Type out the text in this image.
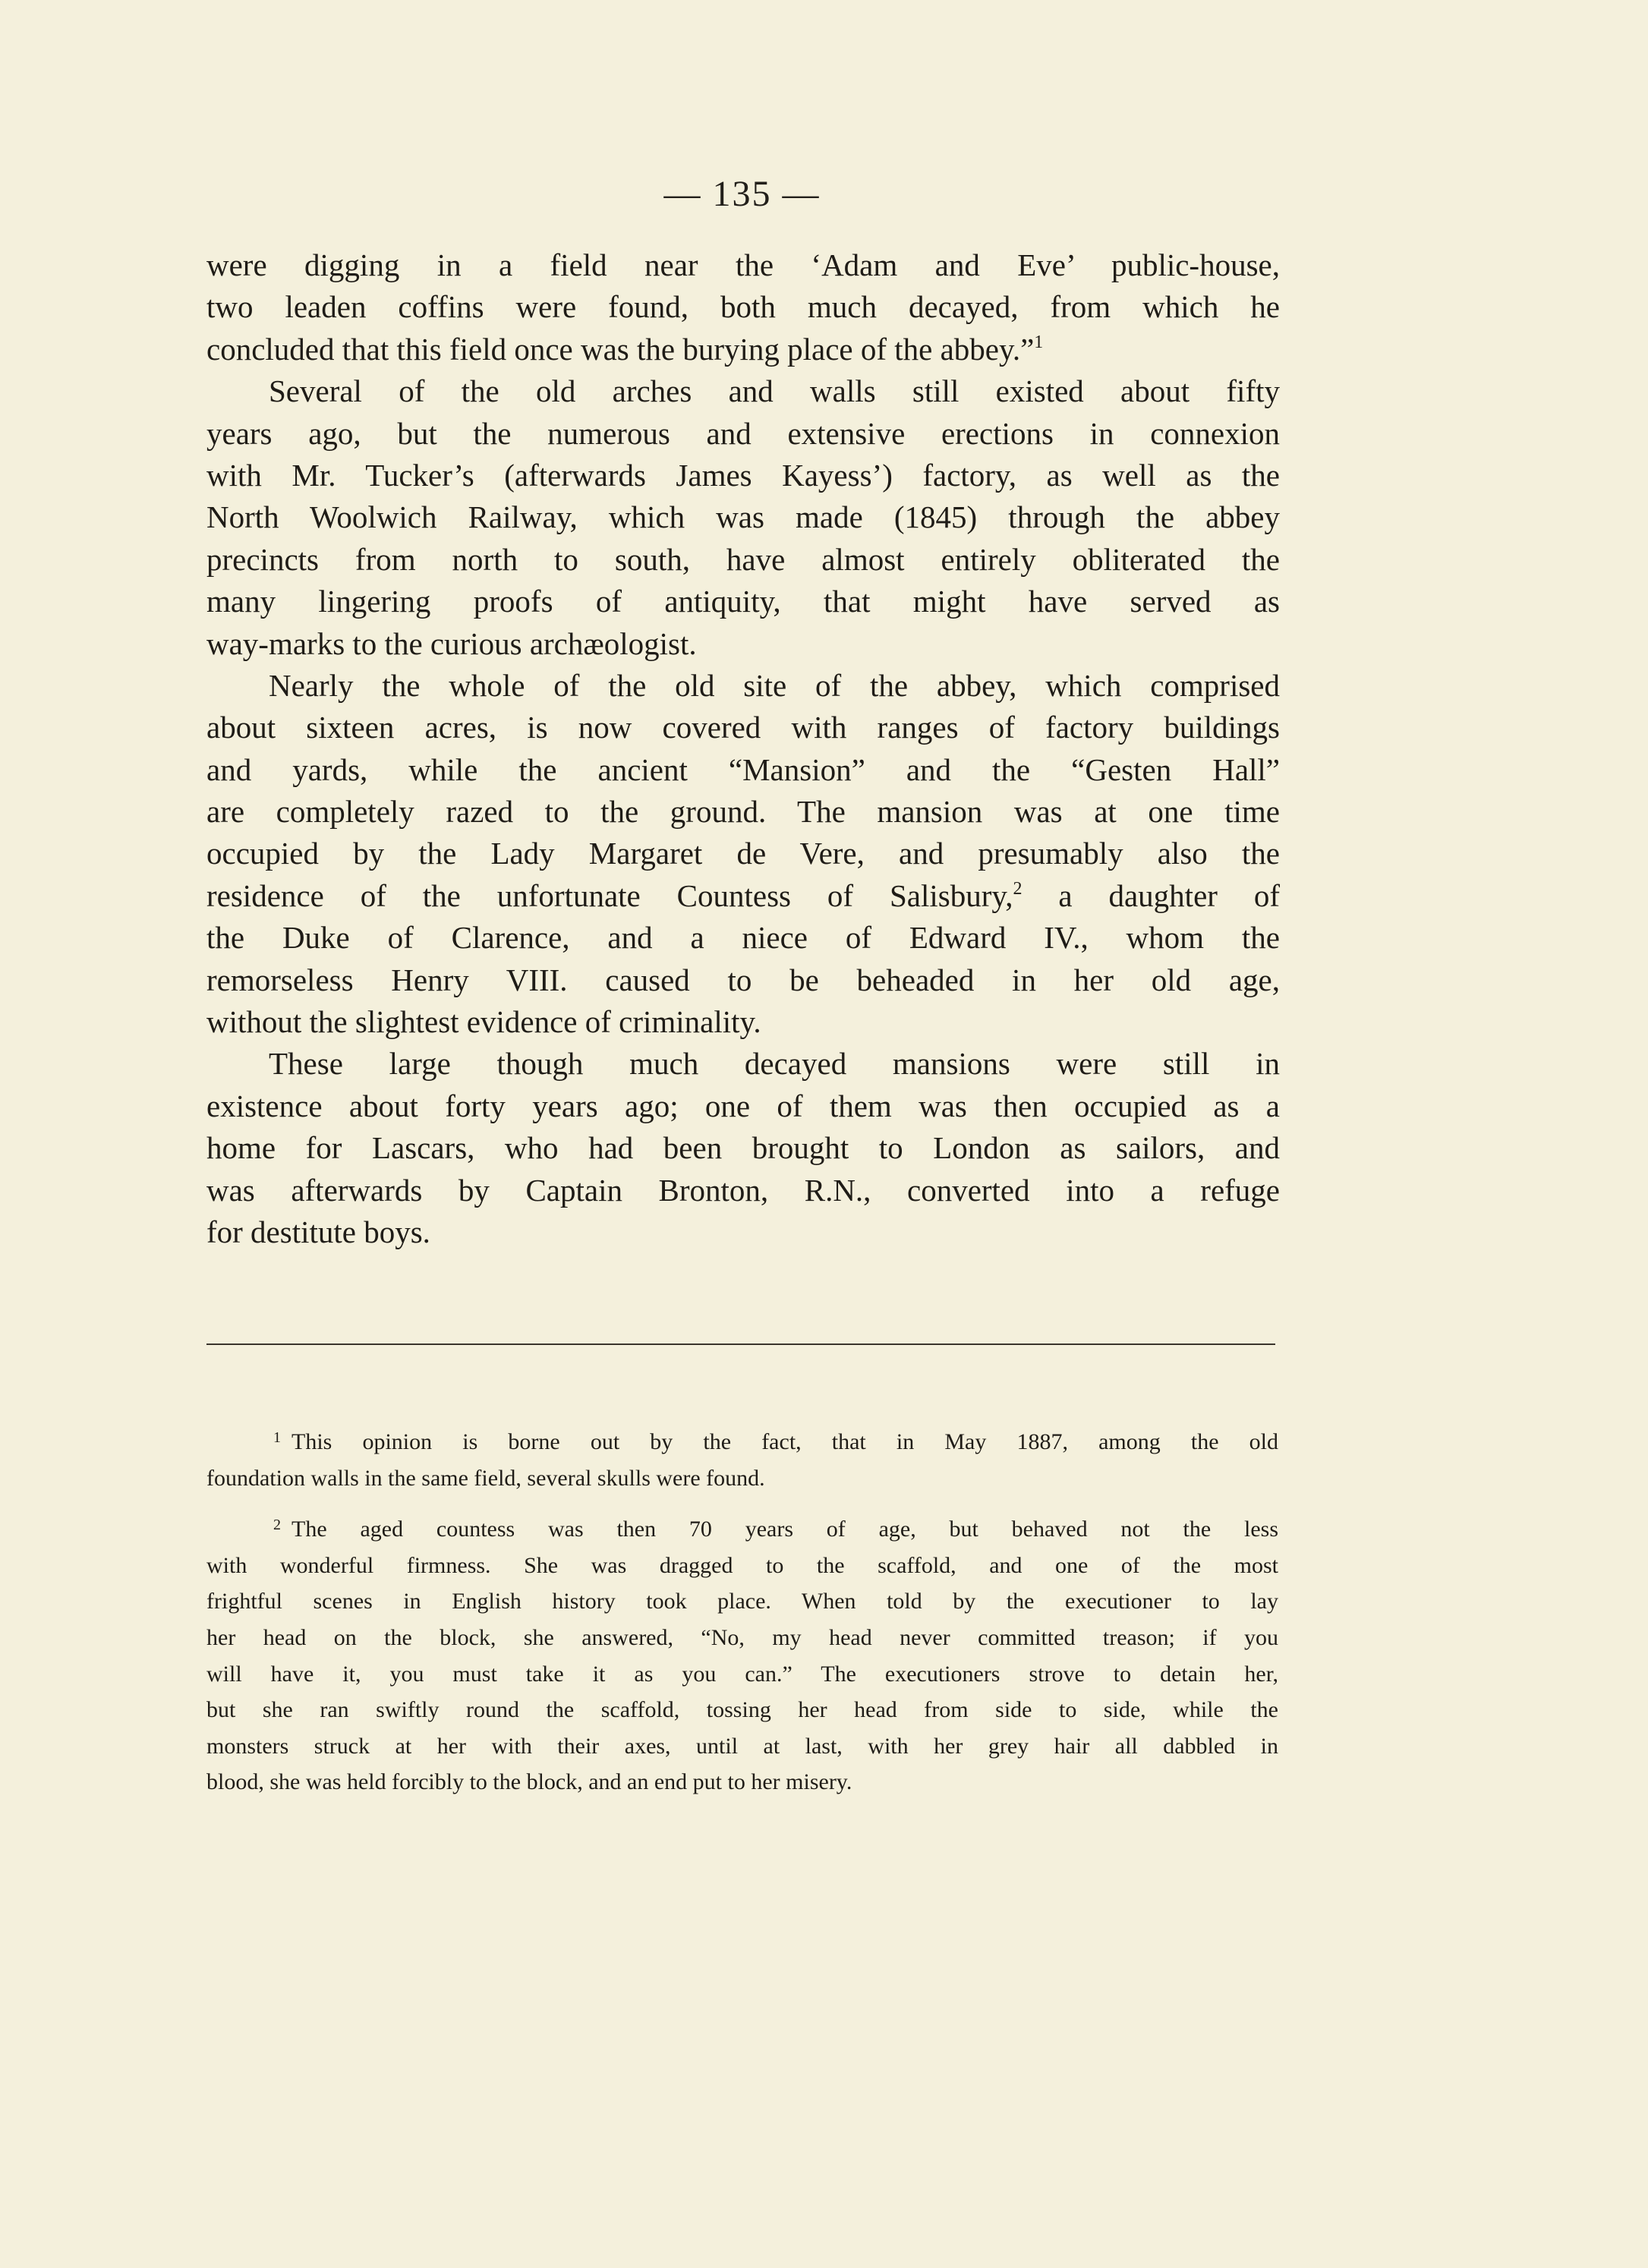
— 135 —
were digging in a field near the ‘Adam and Eve’ public-house,
two leaden coffins were found, both much decayed, from which he
concluded that this field once was the burying place of the abbey.”$^1$
Several of the old arches and walls still existed about fifty
years ago, but the numerous and extensive erections in connexion
with Mr. Tucker’s (afterwards James Kayess’) factory, as well as the
North Woolwich Railway, which was made (1845) through the abbey
precincts from north to south, have almost entirely obliterated the
many lingering proofs of antiquity, that might have served as
way-marks to the curious archæologist.
Nearly the whole of the old site of the abbey, which comprised
about sixteen acres, is now covered with ranges of factory buildings
and yards, while the ancient “Mansion” and the “Gesten Hall”
are completely razed to the ground. The mansion was at one time
occupied by the Lady Margaret de Vere, and presumably also the
residence of the unfortunate Countess of Salisbury,$^2$ a daughter of
the Duke of Clarence, and a niece of Edward IV., whom the
remorseless Henry VIII. caused to be beheaded in her old age,
without the slightest evidence of criminality.
These large though much decayed mansions were still in
existence about forty years ago; one of them was then occupied as a
home for Lascars, who had been brought to London as sailors, and
was afterwards by Captain Bronton, R.N., converted into a refuge
for destitute boys.
$^1$ This opinion is borne out by the fact, that in May 1887, among the old
foundation walls in the same field, several skulls were found.
$^2$ The aged countess was then 70 years of age, but behaved not the less
with wonderful firmness. She was dragged to the scaffold, and one of the most
frightful scenes in English history took place. When told by the executioner to lay
her head on the block, she answered, “No, my head never committed treason; if you
will have it, you must take it as you can.” The executioners strove to detain her,
but she ran swiftly round the scaffold, tossing her head from side to side, while the
monsters struck at her with their axes, until at last, with her grey hair all dabbled in
blood, she was held forcibly to the block, and an end put to her misery.
